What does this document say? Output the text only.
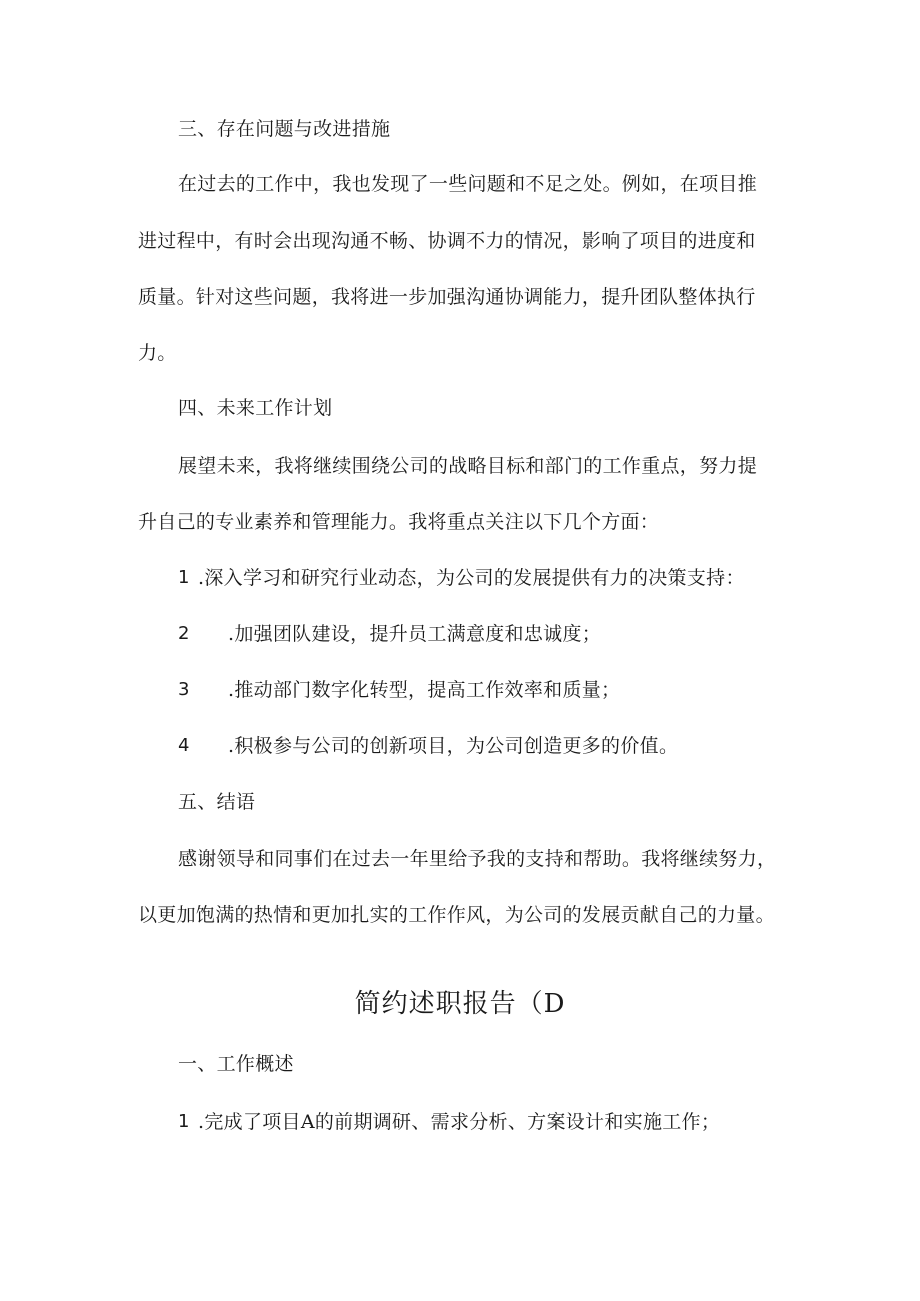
三、存在问题与改进措施
在过去的工作中，我也发现了一些问题和不足之处。例如，在项目推
进过程中，有时会出现沟通不畅、协调不力的情况，影响了项目的进度和
质量。针对这些问题，我将进一步加强沟通协调能力，提升团队整体执行
力。
四、未来工作计划
展望未来，我将继续围绕公司的战略目标和部门的工作重点，努力提
升自己的专业素养和管理能力。我将重点关注以下几个方面：
1 .深入学习和研究行业动态，为公司的发展提供有力的决策支持：
2 .加强团队建设，提升员工满意度和忠诚度；
3 .推动部门数字化转型，提高工作效率和质量；
4 .积极参与公司的创新项目，为公司创造更多的价值。
五、结语
感谢领导和同事们在过去一年里给予我的支持和帮助。我将继续努力，
以更加饱满的热情和更加扎实的工作作风，为公司的发展贡献自己的力量。
简约述职报告（D
一、工作概述
1 .完成了项目A的前期调研、需求分析、方案设计和实施工作；
